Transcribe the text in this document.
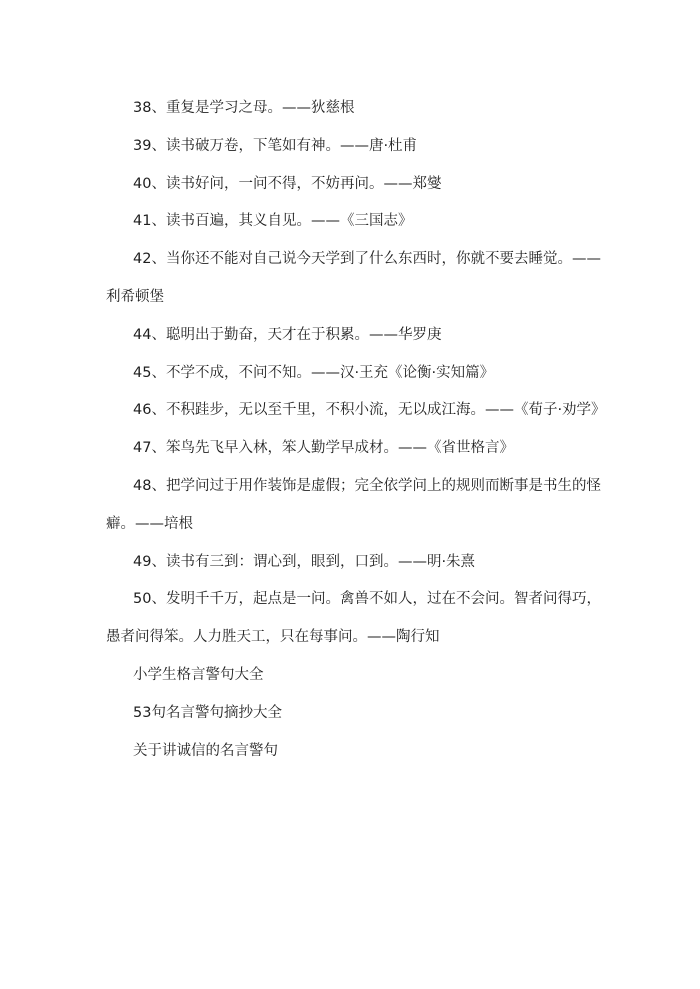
38、重复是学习之母。——狄慈根

39、读书破万卷，下笔如有神。——唐·杜甫

40、读书好问，一问不得，不妨再问。——郑燮

41、读书百遍，其义自见。——《三国志》

42、当你还不能对自己说今天学到了什么东西时，你就不要去睡觉。——利希顿堡

44、聪明出于勤奋，天才在于积累。——华罗庚

45、不学不成，不问不知。——汉·王充《论衡·实知篇》

46、不积跬步，无以至千里，不积小流，无以成江海。——《荀子·劝学》

47、笨鸟先飞早入林，笨人勤学早成材。——《省世格言》

48、把学问过于用作装饰是虚假；完全依学问上的规则而断事是书生的怪癖。——培根

49、读书有三到：谓心到，眼到，口到。——明·朱熹

50、发明千千万，起点是一问。禽兽不如人，过在不会问。智者问得巧，愚者问得笨。人力胜天工，只在每事问。——陶行知

小学生格言警句大全
53句名言警句摘抄大全
关于讲诚信的名言警句
